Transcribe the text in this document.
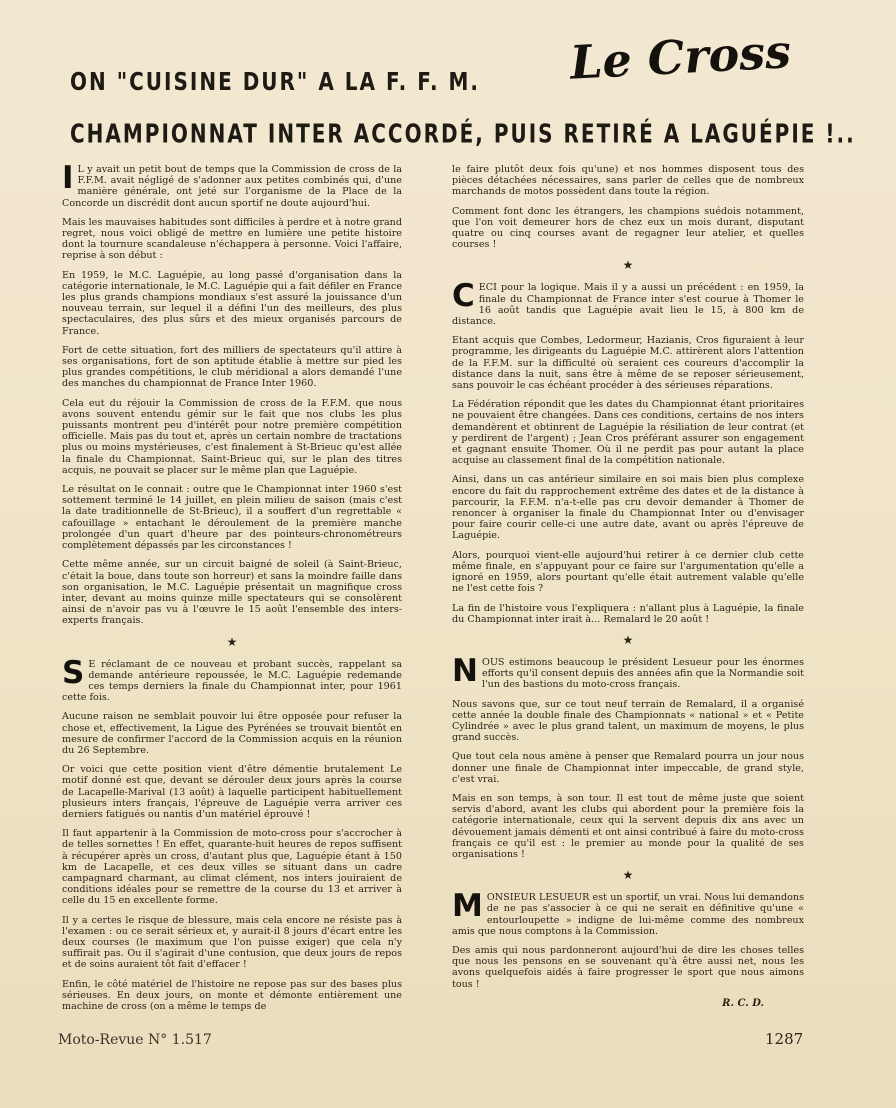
ON "CUISINE DUR" A LA F. F. M. Le Cross
CHAMPIONNAT INTER ACCORDÉ, PUIS RETIRÉ A LAGUÉPIE !..

I L y avait un petit bout de temps que la Commission de cross de la F.F.M. avait négligé de s'adonner aux petites combinés qui, d'une manière générale, ont jeté sur l'organisme de la Place de la Concorde un discrédit dont aucun sportif ne doute aujourd'hui.

Mais les mauvaises habitudes sont difficiles à perdre et à notre grand regret, nous voici obligé de mettre en lumière une petite histoire dont la tournure scandaleuse n'échappera à personne. Voici l'affaire, reprise à son début :

En 1959, le M.C. Laguépie, au long passé d'organisation dans la catégorie internationale, le M.C. Laguépie qui a fait défiler en France les plus grands champions mondiaux s'est assuré la jouissance d'un nouveau terrain, sur lequel il a défini l'un des meilleurs, des plus spectaculaires, des plus sûrs et des mieux organisés parcours de France.

Fort de cette situation, fort des milliers de spectateurs qu'il attire à ses organisations, fort de son aptitude établie à mettre sur pied les plus grandes compétitions, le club méridional a alors demandé l'une des manches du championnat de France Inter 1960.

Cela eut du réjouir la Commission de cross de la F.F.M. que nous avons souvent entendu gémir sur le fait que nos clubs les plus puissants montrent peu d'intérêt pour notre première compétition officielle. Mais pas du tout et, après un certain nombre de tractations plus ou moins mystérieuses, c'est finalement à St-Brieuc qu'est allée la finale du Championnat. Saint-Brieuc qui, sur le plan des titres acquis, ne pouvait se placer sur le même plan que Laguépie.

Le résultat on le connait : outre que le Championnat inter 1960 s'est sottement terminé le 14 juillet, en plein milieu de saison (mais c'est la date traditionnelle de St-Brieuc), il a souffert d'un regrettable « cafouillage » entachant le déroulement de la première manche prolongée d'un quart d'heure par des pointeurs-chronométreurs complètement dépassés par les circonstances !

Cette même année, sur un circuit baigné de soleil (à Saint-Brieuc, c'était la boue, dans toute son horreur) et sans la moindre faille dans son organisation, le M.C. Laguépie présentait un magnifique cross inter, devant au moins quinze mille spectateurs qui se consolèrent ainsi de n'avoir pas vu à l'œuvre le 15 août l'ensemble des inters-experts français.

★

S E réclamant de ce nouveau et probant succès, rappelant sa demande antérieure repoussée, le M.C. Laguépie redemande ces temps derniers la finale du Championnat inter, pour 1961 cette fois.

Aucune raison ne semblait pouvoir lui être opposée pour refuser la chose et, effectivement, la Ligue des Pyrénées se trouvait bientôt en mesure de confirmer l'accord de la Commission acquis en la réunion du 26 Septembre.

Or voici que cette position vient d'être démentie brutalement Le motif donné est que, devant se dérouler deux jours après la course de Lacapelle-Marival (13 août) à laquelle participent habituellement plusieurs inters français, l'épreuve de Laguépie verra arriver ces derniers fatigués ou nantis d'un matériel éprouvé !

Il faut appartenir à la Commission de moto-cross pour s'accrocher à de telles sornettes ! En effet, quarante-huit heures de repos suffisent à récupérer après un cross, d'autant plus que, Laguépie étant à 150 km de Lacapelle, et ces deux villes se situant dans un cadre campagnard charmant, au climat clément, nos inters jouiraient de conditions idéales pour se remettre de la course du 13 et arriver à celle du 15 en excellente forme.

Il y a certes le risque de blessure, mais cela encore ne résiste pas à l'examen : ou ce serait sérieux et, y aurait-il 8 jours d'écart entre les deux courses (le maximum que l'on puisse exiger) que cela n'y suffirait pas. Ou il s'agirait d'une contusion, que deux jours de repos et de soins auraient tôt fait d'effacer !

Enfin, le côté matériel de l'histoire ne repose pas sur des bases plus sérieuses. En deux jours, on monte et démonte entièrement une machine de cross (on a même le temps de

le faire plutôt deux fois qu'une) et nos hommes disposent tous des pièces détachées nécessaires, sans parler de celles que de nombreux marchands de motos possèdent dans toute la région.

Comment font donc les étrangers, les champions suédois notamment, que l'on voit demeurer hors de chez eux un mois durant, disputant quatre ou cinq courses avant de regagner leur atelier, et quelles courses !

★

CECI pour la logique. Mais il y a aussi un précédent : en 1959, la finale du Championnat de France inter s'est courue à Thomer le 16 août tandis que Laguépie avait lieu le 15, à 800 km de distance.

Etant acquis que Combes, Ledormeur, Hazianis, Cros figuraient à leur programme, les dirigeants du Laguépie M.C. attirèrent alors l'attention de la F.F.M. sur la difficulté où seraient ces coureurs d'accomplir la distance dans la nuit, sans être à même de se reposer sérieusement, sans pouvoir le cas échéant procéder à des sérieuses réparations.

La Fédération répondit que les dates du Championnat étant prioritaires ne pouvaient être changées. Dans ces conditions, certains de nos inters demandèrent et obtinrent de Laguépie la résiliation de leur contrat (et y perdirent de l'argent) ; Jean Cros préférant assurer son engagement et gagnant ensuite Thomer. Où il ne perdit pas pour autant la place acquise au classement final de la compétition nationale.

Ainsi, dans un cas antérieur similaire en soi mais bien plus complexe encore du fait du rapprochement extrême des dates et de la distance à parcourir, la F.F.M. n'a-t-elle pas cru devoir demander à Thomer de renoncer à organiser la finale du Championnat Inter ou d'envisager pour faire courir celle-ci une autre date, avant ou après l'épreuve de Laguépie.

Alors, pourquoi vient-elle aujourd'hui retirer à ce dernier club cette même finale, en s'appuyant pour ce faire sur l'argumentation qu'elle a ignoré en 1959, alors pourtant qu'elle était autrement valable qu'elle ne l'est cette fois ?

La fin de l'histoire vous l'expliquera : n'allant plus à Laguépie, la finale du Championnat inter irait à... Remalard le 20 août !

★

NOUS estimons beaucoup le président Lesueur pour les énormes efforts qu'il consent depuis des années afin que la Normandie soit l'un des bastions du moto-cross français.

Nous savons que, sur ce tout neuf terrain de Remalard, il a organisé cette année la double finale des Championnats « national » et « Petite Cylindrée » avec le plus grand talent, un maximum de moyens, le plus grand succès.

Que tout cela nous amène à penser que Remalard pourra un jour nous donner une finale de Championnat inter impeccable, de grand style, c'est vrai.

Mais en son temps, à son tour. Il est tout de même juste que soient servis d'abord, avant les clubs qui abordent pour la première fois la catégorie internationale, ceux qui la servent depuis dix ans avec un dévouement jamais démenti et ont ainsi contribué à faire du moto-cross français ce qu'il est : le premier au monde pour la qualité de ses organisations !

★

MONSIEUR LESUEUR est un sportif, un vrai. Nous lui demandons de ne pas s'associer à ce qui ne serait en définitive qu'une « entourloupette » indigne de lui-même comme des nombreux amis que nous comptons à la Commission.

Des amis qui nous pardonneront aujourd'hui de dire les choses telles que nous les pensons en se souvenant qu'à être aussi net, nous les avons quelquefois aidés à faire progresser le sport que nous aimons tous !

R. C. D.
Moto-Revue N° 1.517	1287
